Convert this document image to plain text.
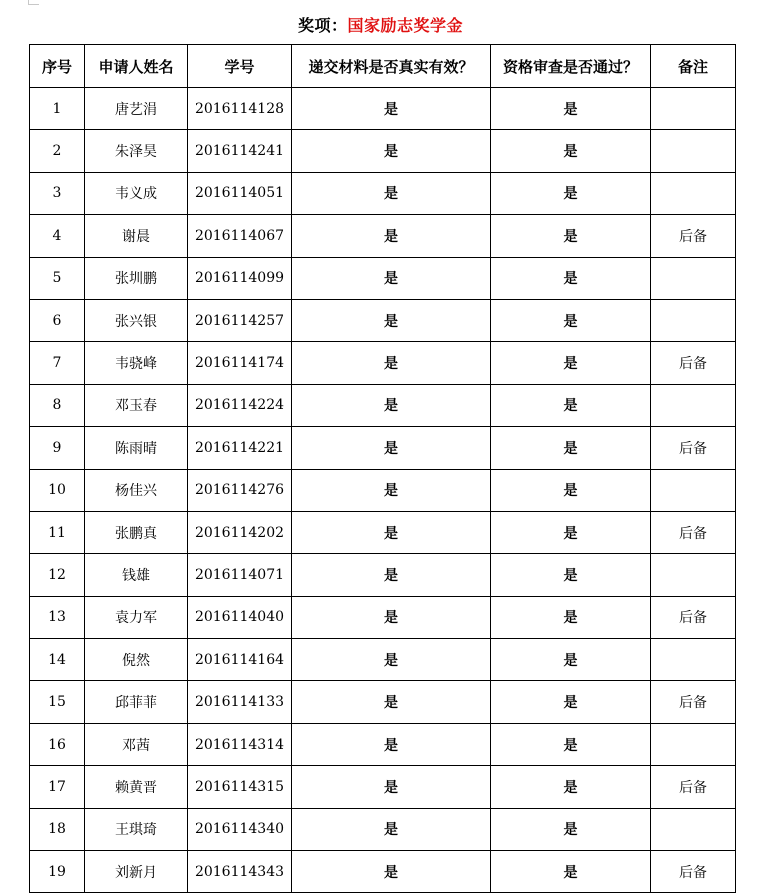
奖项：国家励志奖学金
序号	申请人姓名	学号	递交材料是否真实有效？	资格审查是否通过？	备注
1	唐艺涓	2016114128	是	是	
2	朱泽昊	2016114241	是	是	
3	韦义成	2016114051	是	是	
4	谢晨	2016114067	是	是	后备
5	张圳鹏	2016114099	是	是	
6	张兴银	2016114257	是	是	
7	韦骁峰	2016114174	是	是	后备
8	邓玉春	2016114224	是	是	
9	陈雨晴	2016114221	是	是	后备
10	杨佳兴	2016114276	是	是	
11	张鹏真	2016114202	是	是	后备
12	钱雄	2016114071	是	是	
13	袁力军	2016114040	是	是	后备
14	倪然	2016114164	是	是	
15	邱菲菲	2016114133	是	是	后备
16	邓茜	2016114314	是	是	
17	赖黄晋	2016114315	是	是	后备
18	王琪琦	2016114340	是	是	
19	刘新月	2016114343	是	是	后备
